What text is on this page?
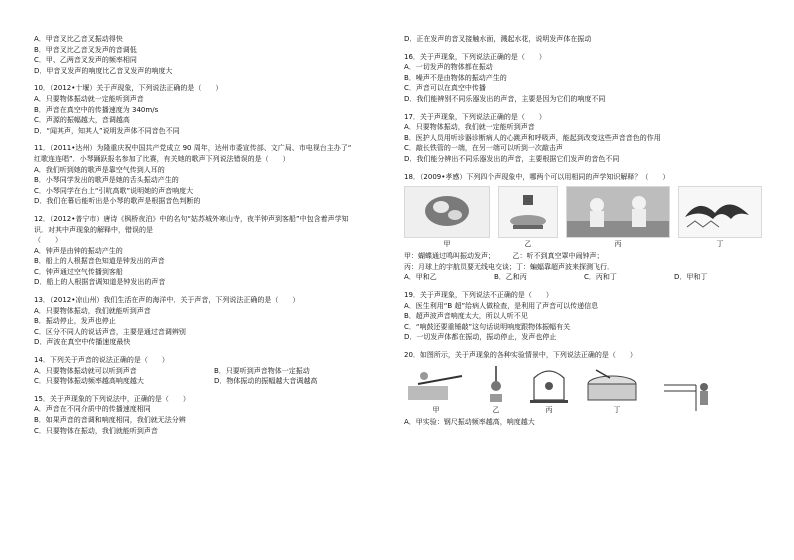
A．甲音叉比乙音叉振动得快
B．甲音叉比乙音叉发声的音调低
C．甲、乙两音叉发声的频率相同
D．甲音叉发声的响度比乙音叉发声的响度大
10．（2012•十堰）关于声现象，下列说法正确的是（　　）
A．只要物体振动就一定能听到声音
B．声音在真空中的传播速度为 340m/s
C．声源的振幅越大，音调越高
D．“闻其声，知其人”说明发声体不同音色不同
11．（2011•达州）为隆重庆祝中国共产党成立 90 周年，达州市委宣传部、文广局、市电视台主办了“
红歌连连唱”．小琴踊跃报名参加了比赛，有关她的歌声下列说法错误的是（　　）
A．我们听到她的歌声是靠空气传到人耳的
B．小琴同学发出的歌声是她的舌头振动产生的
C．小琴同学在台上“引吭高歌”说明她的声音响度大
D．我们在幕后能听出是小琴的歌声是根据音色判断的
12．（2012•普宁市）唐诗《枫桥夜泊》中的名句“姑苏城外寒山寺，夜半钟声到客船”中包含着声学知
识．对其中声现象的解释中，错误的是
（　　）
A．钟声是由钟的振动产生的
B．船上的人根据音色知道是钟发出的声音
C．钟声通过空气传播到客船
D．船上的人根据音调知道是钟发出的声音
13．（2012•凉山州）我们生活在声的海洋中．关于声音，下列说法正确的是（　　）
A．只要物体振动，我们就能听到声音
B．振动停止，发声也停止
C．区分不同人的说话声音，主要是通过音调辨别
D．声波在真空中传播速度最快
14．下列关于声音的说法正确的是（　　）
A．只要物体振动就可以听到声音	B．只要听到声音物体一定振动
C．只要物体振动频率越高响度越大	D．物体振动的振幅越大音调越高
15．关于声现象的下列说法中，正确的是（　　）
A．声音在不同介质中的传播速度相同
B．如果声音的音调和响度相同，我们就无法分辨
C．只要物体在振动，我们就能听到声音
D．正在发声的音叉接触水面，溅起水花，说明发声体在振动
16．关于声现象，下列说法正确的是（　　）
A．一切发声的物体都在振动
B．噪声不是由物体的振动产生的
C．声音可以在真空中传播
D．我们能辨别不同乐器发出的声音，主要是因为它们的响度不同
17．关于声现象，下列说法正确的是（　　）
A．只要物体振动，我们就一定能听到声音
B．医护人员用听诊器诊断病人的心跳声和呼吸声，能起到改变这些声音音色的作用
C．敲长铁管的一端，在另一端可以听到一次敲击声
D．我们能分辨出不同乐器发出的声音，主要根据它们发声的音色不同
18．（2009•孝感）下列四个声现象中，哪两个可以用相同的声学知识解释？（　　）
甲	乙	丙	丁
甲：蝴蝶通过鸣叫振动发声；　　　乙：听不到真空罩中闹钟声；
丙：月球上的宇航员要无线电交谈；丁：蝙蝠靠超声波来探测飞行．
A．甲和乙	B．乙和丙	C．丙和丁	D．甲和丁
19．关于声现象，下列说法不正确的是（　　）
A．医生利用“B 超”给病人做检查，是利用了声音可以传递信息
B．超声波声音响度太大，所以人听不见
C．“响鼓还要重锤敲”这句话说明响度跟物体振幅有关
D．一切发声体都在振动，振动停止，发声也停止
20．如图所示，关于声现象的各种实验情景中，下列说法正确的是（　　）
甲	乙	丙	丁
A．甲实验：钢尺振动频率越高，响度越大
